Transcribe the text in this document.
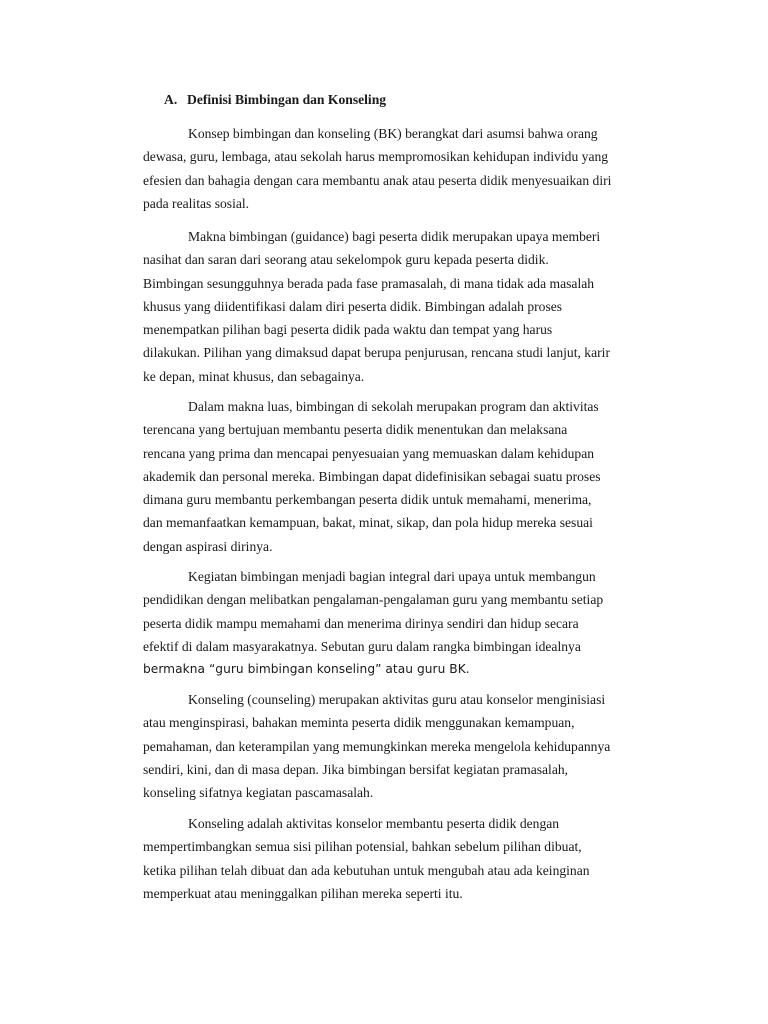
A. Definisi Bimbingan dan Konseling
Konsep bimbingan dan konseling (BK) berangkat dari asumsi bahwa orang
dewasa, guru, lembaga, atau sekolah harus mempromosikan kehidupan individu yang
efesien dan bahagia dengan cara membantu anak atau peserta didik menyesuaikan diri
pada realitas sosial.
Makna bimbingan (guidance) bagi peserta didik merupakan upaya memberi
nasihat dan saran dari seorang atau sekelompok guru kepada peserta didik.
Bimbingan sesungguhnya berada pada fase pramasalah, di mana tidak ada masalah
khusus yang diidentifikasi dalam diri peserta didik. Bimbingan adalah proses
menempatkan pilihan bagi peserta didik pada waktu dan tempat yang harus
dilakukan. Pilihan yang dimaksud dapat berupa penjurusan, rencana studi lanjut, karir
ke depan, minat khusus, dan sebagainya.
Dalam makna luas, bimbingan di sekolah merupakan program dan aktivitas
terencana yang bertujuan membantu peserta didik menentukan dan melaksana
rencana yang prima dan mencapai penyesuaian yang memuaskan dalam kehidupan
akademik dan personal mereka. Bimbingan dapat didefinisikan sebagai suatu proses
dimana guru membantu perkembangan peserta didik untuk memahami, menerima,
dan memanfaatkan kemampuan, bakat, minat, sikap, dan pola hidup mereka sesuai
dengan aspirasi dirinya.
Kegiatan bimbingan menjadi bagian integral dari upaya untuk membangun
pendidikan dengan melibatkan pengalaman-pengalaman guru yang membantu setiap
peserta didik mampu memahami dan menerima dirinya sendiri dan hidup secara
efektif di dalam masyarakatnya. Sebutan guru dalam rangka bimbingan idealnya
bermakna “guru bimbingan konseling” atau guru BK.
Konseling (counseling) merupakan aktivitas guru atau konselor menginisiasi
atau menginspirasi, bahakan meminta peserta didik menggunakan kemampuan,
pemahaman, dan keterampilan yang memungkinkan mereka mengelola kehidupannya
sendiri, kini, dan di masa depan. Jika bimbingan bersifat kegiatan pramasalah,
konseling sifatnya kegiatan pascamasalah.
Konseling adalah aktivitas konselor membantu peserta didik dengan
mempertimbangkan semua sisi pilihan potensial, bahkan sebelum pilihan dibuat,
ketika pilihan telah dibuat dan ada kebutuhan untuk mengubah atau ada keinginan
memperkuat atau meninggalkan pilihan mereka seperti itu.
